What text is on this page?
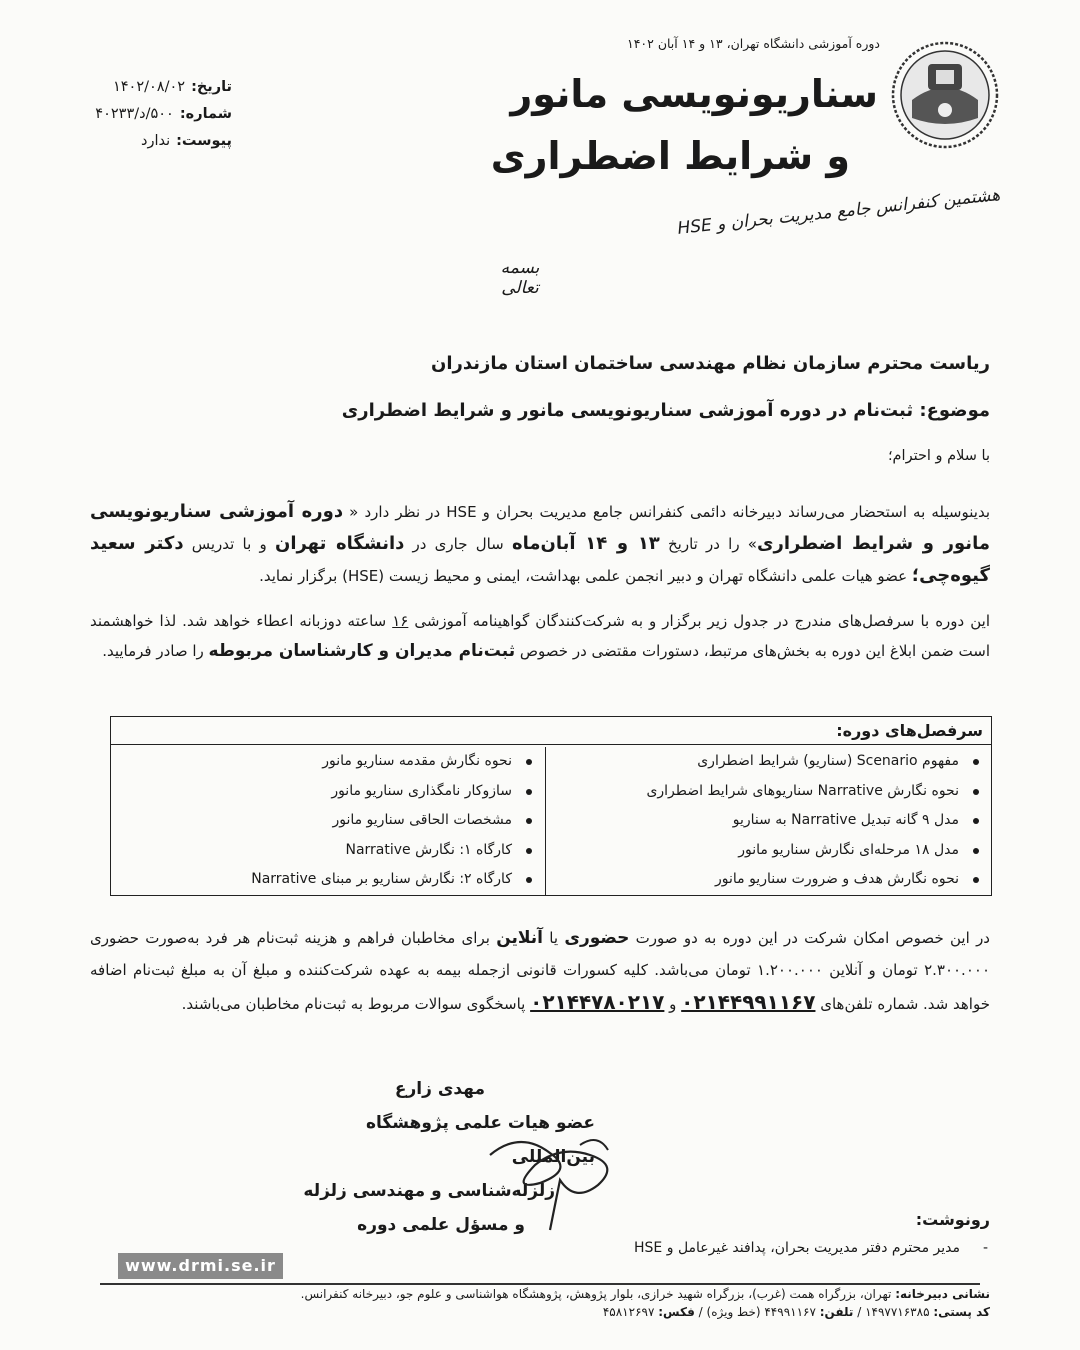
تاریخ:۱۴۰۲/۰۸/۰۲
شماره:۵۰۰/د/۴۰۲۳۳
پیوست:ندارد
دوره آموزشی دانشگاه تهران، ۱۳ و ۱۴ آبان ۱۴۰۲
سناریونویسی مانور
و شرایط اضطراری
هشتمین کنفرانس جامع مدیریت بحران و HSE
بسمه تعالی
ریاست محترم سازمان نظام مهندسی ساختمان استان مازندران
موضوع: ثبت‌نام در دوره آموزشی سناریونویسی مانور و شرایط اضطراری
با سلام و احترام؛
بدینوسیله به استحضار می‌رساند دبیرخانه دائمی کنفرانس جامع مدیریت بحران و HSE در نظر دارد « دوره آموزشی سناریونویسی مانور و شرایط اضطراری» را در تاریخ ۱۳ و ۱۴ آبان‌ماه سال جاری در دانشگاه تهران و با تدریس دکتر سعید گیوه‌چی؛ عضو هیات علمی دانشگاه تهران و دبیر انجمن علمی بهداشت، ایمنی و محیط زیست (HSE) برگزار نماید.
این دوره با سرفصل‌های مندرج در جدول زیر برگزار و به شرکت‌کنندگان گواهینامه آموزشی ۱۶ ساعته دوزبانه اعطاء خواهد شد. لذا خواهشمند است ضمن ابلاغ این دوره به بخش‌های مرتبط، دستورات مقتضی در خصوص ثبت‌نام مدیران و کارشناسان مربوطه را صادر فرمایید.
سرفصل‌های دوره:
مفهوم Scenario (سناریو) شرایط اضطراری
نحوه نگارش Narrative سناریوهای شرایط اضطراری
مدل ۹ گانه تبدیل Narrative به سناریو
مدل ۱۸ مرحله‌ای نگارش سناریو مانور
نحوه نگارش هدف و ضرورت سناریو مانور
نحوه نگارش مقدمه سناریو مانور
سازوکار نامگذاری سناریو مانور
مشخصات الحاقی سناریو مانور
کارگاه ۱: نگارش Narrative
کارگاه ۲: نگارش سناریو بر مبنای Narrative
در این خصوص امکان شرکت در این دوره به دو صورت حضوری یا آنلاین برای مخاطبان فراهم و هزینه ثبت‌نام هر فرد به‌صورت حضوری ۲.۳۰۰.۰۰۰ تومان و آنلاین ۱.۲۰۰.۰۰۰ تومان می‌باشد. کلیه کسورات قانونی ازجمله بیمه به عهده شرکت‌کننده و مبلغ آن به مبلغ ثبت‌نام اضافه خواهد شد. شماره تلفن‌های ۰۲۱۴۴۹۹۱۱۶۷ و ۰۲۱۴۴۷۸۰۲۱۷ پاسخگوی سوالات مربوط به ثبت‌نام مخاطبان می‌باشند.
مهدی زارع
عضو هیات علمی پژوهشگاه بین‌المللی
زلزله‌شناسی و مهندسی زلزله
و مسؤل علمی دوره	رونوشت:
-
مدیر محترم دفتر مدیریت بحران، پدافند غیرعامل و HSE
www.drmi.se.ir
نشانی دبیرخانه: تهران، بزرگراه همت (غرب)، بزرگراه شهید خرازی، بلوار پژوهش، پژوهشگاه هواشناسی و علوم جو، دبیرخانه کنفرانس.
کد پستی: ۱۴۹۷۷۱۶۳۸۵ / تلفن: ۴۴۹۹۱۱۶۷ (خط ویژه) / فکس: ۴۵۸۱۲۶۹۷
